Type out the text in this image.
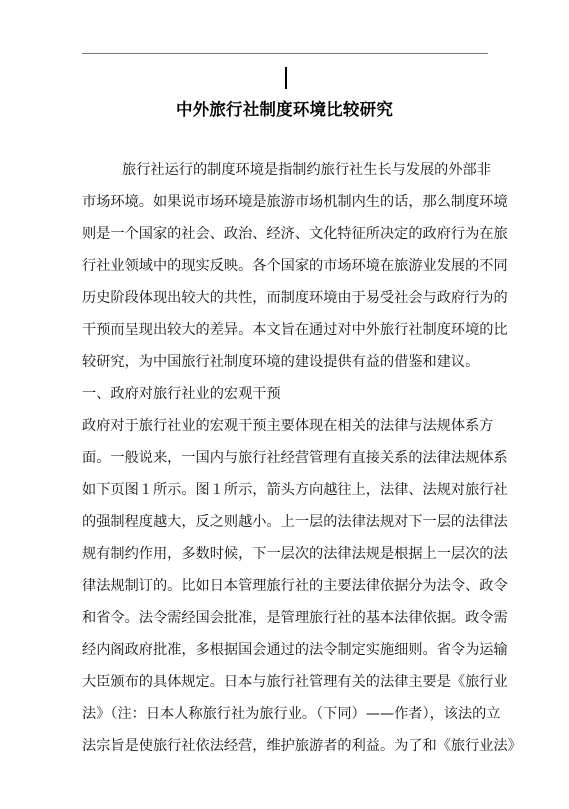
中外旅行社制度环境比较研究
旅行社运行的制度环境是指制约旅行社生长与发展的外部非
市场环境。如果说市场环境是旅游市场机制内生的话，那么制度环境
则是一个国家的社会、政治、经济、文化特征所决定的政府行为在旅
行社业领域中的现实反映。各个国家的市场环境在旅游业发展的不同
历史阶段体现出较大的共性，而制度环境由于易受社会与政府行为的
干预而呈现出较大的差异。本文旨在通过对中外旅行社制度环境的比
较研究，为中国旅行社制度环境的建设提供有益的借鉴和建议。
一、政府对旅行社业的宏观干预
政府对于旅行社业的宏观干预主要体现在相关的法律与法规体系方
面。一般说来，一国内与旅行社经营管理有直接关系的法律法规体系
如下页图１所示。图１所示，箭头方向越往上，法律、法规对旅行社
的强制程度越大，反之则越小。上一层的法律法规对下一层的法律法
规有制约作用，多数时候，下一层次的法律法规是根据上一层次的法
律法规制订的。比如日本管理旅行社的主要法律依据分为法令、政令
和省令。法令需经国会批准，是管理旅行社的基本法律依据。政令需
经内阁政府批准，多根据国会通过的法令制定实施细则。省令为运输
大臣颁布的具体规定。日本与旅行社管理有关的法律主要是《旅行业
法》（注：日本人称旅行社为旅行业。（下同）——作者），该法的立
法宗旨是使旅行社依法经营，维护旅游者的利益。为了和《旅行业法》
